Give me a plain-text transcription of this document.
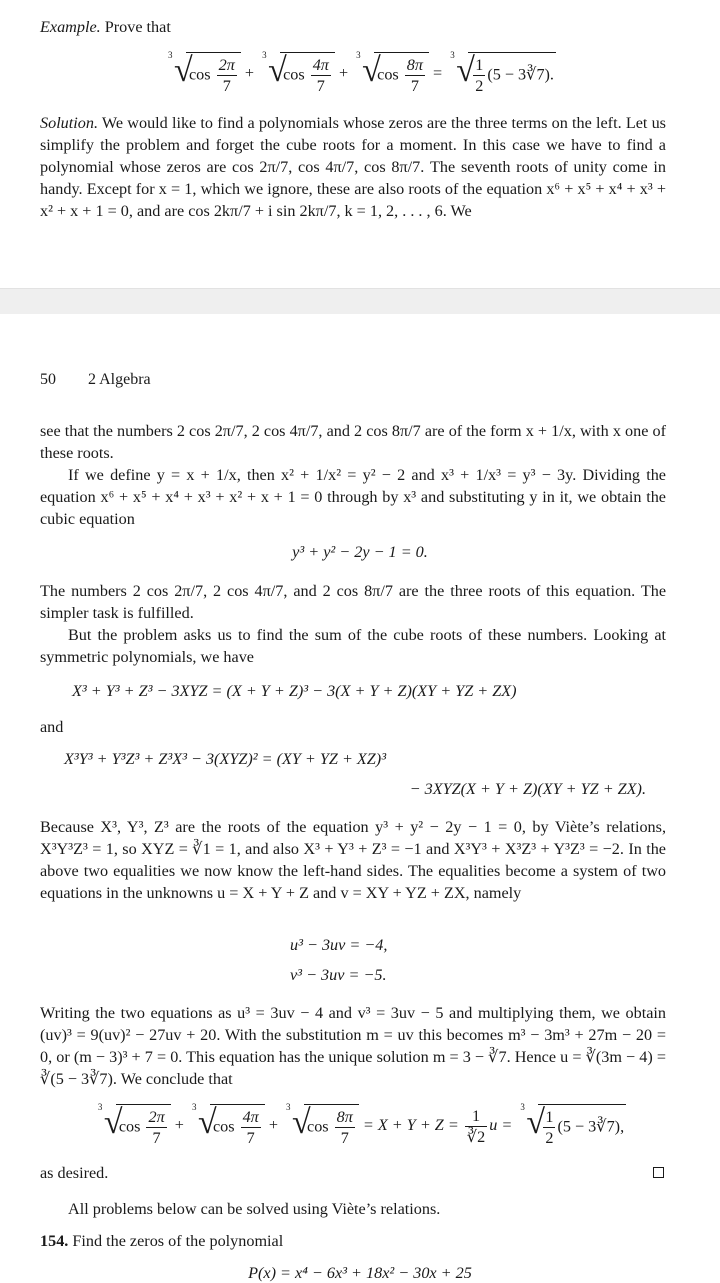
Example. Prove that

3 √
$\cos \frac{2\pi}{7}$ +
3 √
$\cos \frac{4\pi}{7}$ +
3 √
$\cos \frac{8\pi}{7}$ =
3 √
$\frac{1}{2} (5$ − 3∛7).

Solution. We would like to find a polynomials whose zeros are the three terms on the left. Let us simplify the problem and forget the cube roots for a moment. In this case we have to find a polynomial whose zeros are cos 2π/7, cos 4π/7, cos 8π/7. The seventh roots of unity come in handy. Except for x = 1, which we ignore, these are also roots of the equation x⁶ + x⁵ + x⁴ + x³ + x² + x + 1 = 0, and are cos 2kπ/7 + i sin 2kπ/7, k = 1, 2, . . . , 6. We

50 2 Algebra

see that the numbers 2 cos 2π/7, 2 cos 4π/7, and 2 cos 8π/7 are of the form x + 1/x, with x one of these roots.

If we define y = x + 1/x, then x² + 1/x² = y² − 2 and x³ + 1/x³ = y³ − 3y. Dividing the equation x⁶ + x⁵ + x⁴ + x³ + x² + x + 1 = 0 through by x³ and substituting y in it, we obtain the cubic equation

y³ + y² − 2y − 1 = 0.

The numbers 2 cos 2π/7, 2 cos 4π/7, and 2 cos 8π/7 are the three roots of this equation. The simpler task is fulfilled.

But the problem asks us to find the sum of the cube roots of these numbers. Looking at symmetric polynomials, we have

X³ + Y³ + Z³ − 3XYZ = (X + Y + Z)³ − 3(X + Y + Z)(XY + YZ + ZX)

and

X³Y³ + Y³Z³ + Z³X³ − 3(XYZ)² = (XY + YZ + XZ)³
− 3XYZ(X + Y + Z)(XY + YZ + ZX).

Because X³, Y³, Z³ are the roots of the equation y³ + y² − 2y − 1 = 0, by Viète’s relations, X³Y³Z³ = 1, so XYZ = ∛1 = 1, and also X³ + Y³ + Z³ = −1 and X³Y³ + X³Z³ + Y³Z³ = −2. In the above two equalities we now know the left-hand sides. The equalities become a system of two equations in the unknowns u = X + Y + Z and v = XY + YZ + ZX, namely

u³ − 3uv = −4,
v³ − 3uv = −5.

Writing the two equations as u³ = 3uv − 4 and v³ = 3uv − 5 and multiplying them, we obtain (uv)³ = 9(uv)² − 27uv + 20. With the substitution m = uv this becomes m³ − 3m³ + 27m − 20 = 0, or (m − 3)³ + 7 = 0. This equation has the unique solution m = 3 − ∛7. Hence u = ∛(3m − 4) = ∛(5 − 3∛7). We conclude that

3 √
$\cos \frac{2\pi}{7}$ +
3 √
$\cos \frac{4\pi}{7}$ +
3 √
$\cos \frac{8\pi}{7} = X + Y + Z = \frac{1}{∛2}$ u =
3 √
$\frac{1}{2} (5$ − 3∛7),

as desired.

All problems below can be solved using Viète’s relations.

154. Find the zeros of the polynomial

P(x) = x⁴ − 6x³ + 18x² − 30x + 25
